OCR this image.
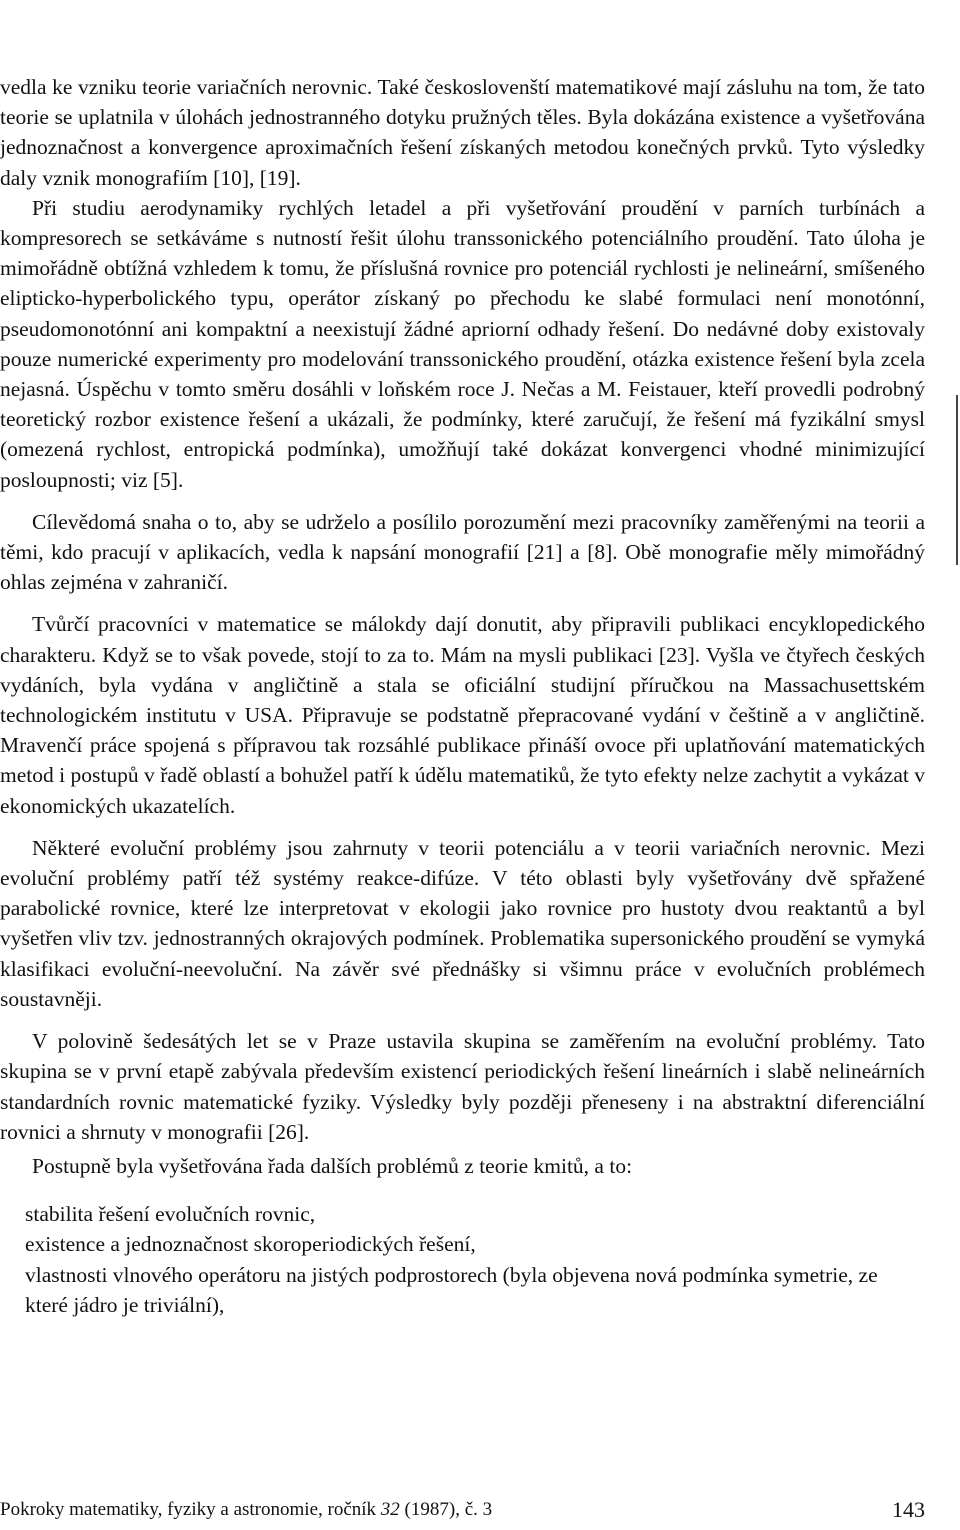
vedla ke vzniku teorie variačních nerovnic. Také českoslovenští matematikové mají zásluhu na tom, že tato teorie se uplatnila v úlohách jednostranného dotyku pružných těles. Byla dokázána existence a vyšetřována jednoznačnost a konvergence aproximačních řešení získaných metodou konečných prvků. Tyto výsledky daly vznik monografiím [10], [19].

Při studiu aerodynamiky rychlých letadel a při vyšetřování proudění v parních turbínách a kompresorech se setkáváme s nutností řešit úlohu transsonického potenciálního proudění. Tato úloha je mimořádně obtížná vzhledem k tomu, že příslušná rovnice pro potenciál rychlosti je nelineární, smíšeného elipticko-hyperbolického typu, operátor získaný po přechodu ke slabé formulaci není monotónní, pseudomonotónní ani kompaktní a neexistují žádné apriorní odhady řešení. Do nedávné doby existovaly pouze numerické experimenty pro modelování transsonického proudění, otázka existence řešení byla zcela nejasná. Úspěchu v tomto směru dosáhli v loňském roce J. Nečas a M. Feistauer, kteří provedli podrobný teoretický rozbor existence řešení a ukázali, že podmínky, které zaručují, že řešení má fyzikální smysl (omezená rychlost, entropická podmínka), umožňují také dokázat konvergenci vhodné minimizující posloupnosti; viz [5].

Cílevědomá snaha o to, aby se udrželo a posílilo porozumění mezi pracovníky zaměřenými na teorii a těmi, kdo pracují v aplikacích, vedla k napsání monografií [21] a [8]. Obě monografie měly mimořádný ohlas zejména v zahraničí.

Tvůrčí pracovníci v matematice se málokdy dají donutit, aby připravili publikaci encyklopedického charakteru. Když se to však povede, stojí to za to. Mám na mysli publikaci [23]. Vyšla ve čtyřech českých vydáních, byla vydána v angličtině a stala se oficiální studijní příručkou na Massachusettském technologickém institutu v USA. Připravuje se podstatně přepracované vydání v češtině a v angličtině. Mravenčí práce spojená s přípravou tak rozsáhlé publikace přináší ovoce při uplatňování matematických metod i postupů v řadě oblastí a bohužel patří k údělu matematiků, že tyto efekty nelze zachytit a vykázat v ekonomických ukazatelích.

Některé evoluční problémy jsou zahrnuty v teorii potenciálu a v teorii variačních nerovnic. Mezi evoluční problémy patří též systémy reakce-difúze. V této oblasti byly vyšetřovány dvě spřažené parabolické rovnice, které lze interpretovat v ekologii jako rovnice pro hustoty dvou reaktantů a byl vyšetřen vliv tzv. jednostranných okrajových podmínek. Problematika supersonického proudění se vymyká klasifikaci evoluční-neevoluční. Na závěr své přednášky si všimnu práce v evolučních problémech soustavněji.

V polovině šedesátých let se v Praze ustavila skupina se zaměřením na evoluční problémy. Tato skupina se v první etapě zabývala především existencí periodických řešení lineárních i slabě nelineárních standardních rovnic matematické fyziky. Výsledky byly později přeneseny i na abstraktní diferenciální rovnici a shrnuty v monografii [26].

Postupně byla vyšetřována řada dalších problémů z teorie kmitů, a to:

stabilita řešení evolučních rovnic,
existence a jednoznačnost skoroperiodických řešení,
vlastnosti vlnového operátoru na jistých podprostorech (byla objevena nová podmínka symetrie, ze které jádro je triviální),
Pokroky matematiky, fyziky a astronomie, ročník 32 (1987), č. 3	143
